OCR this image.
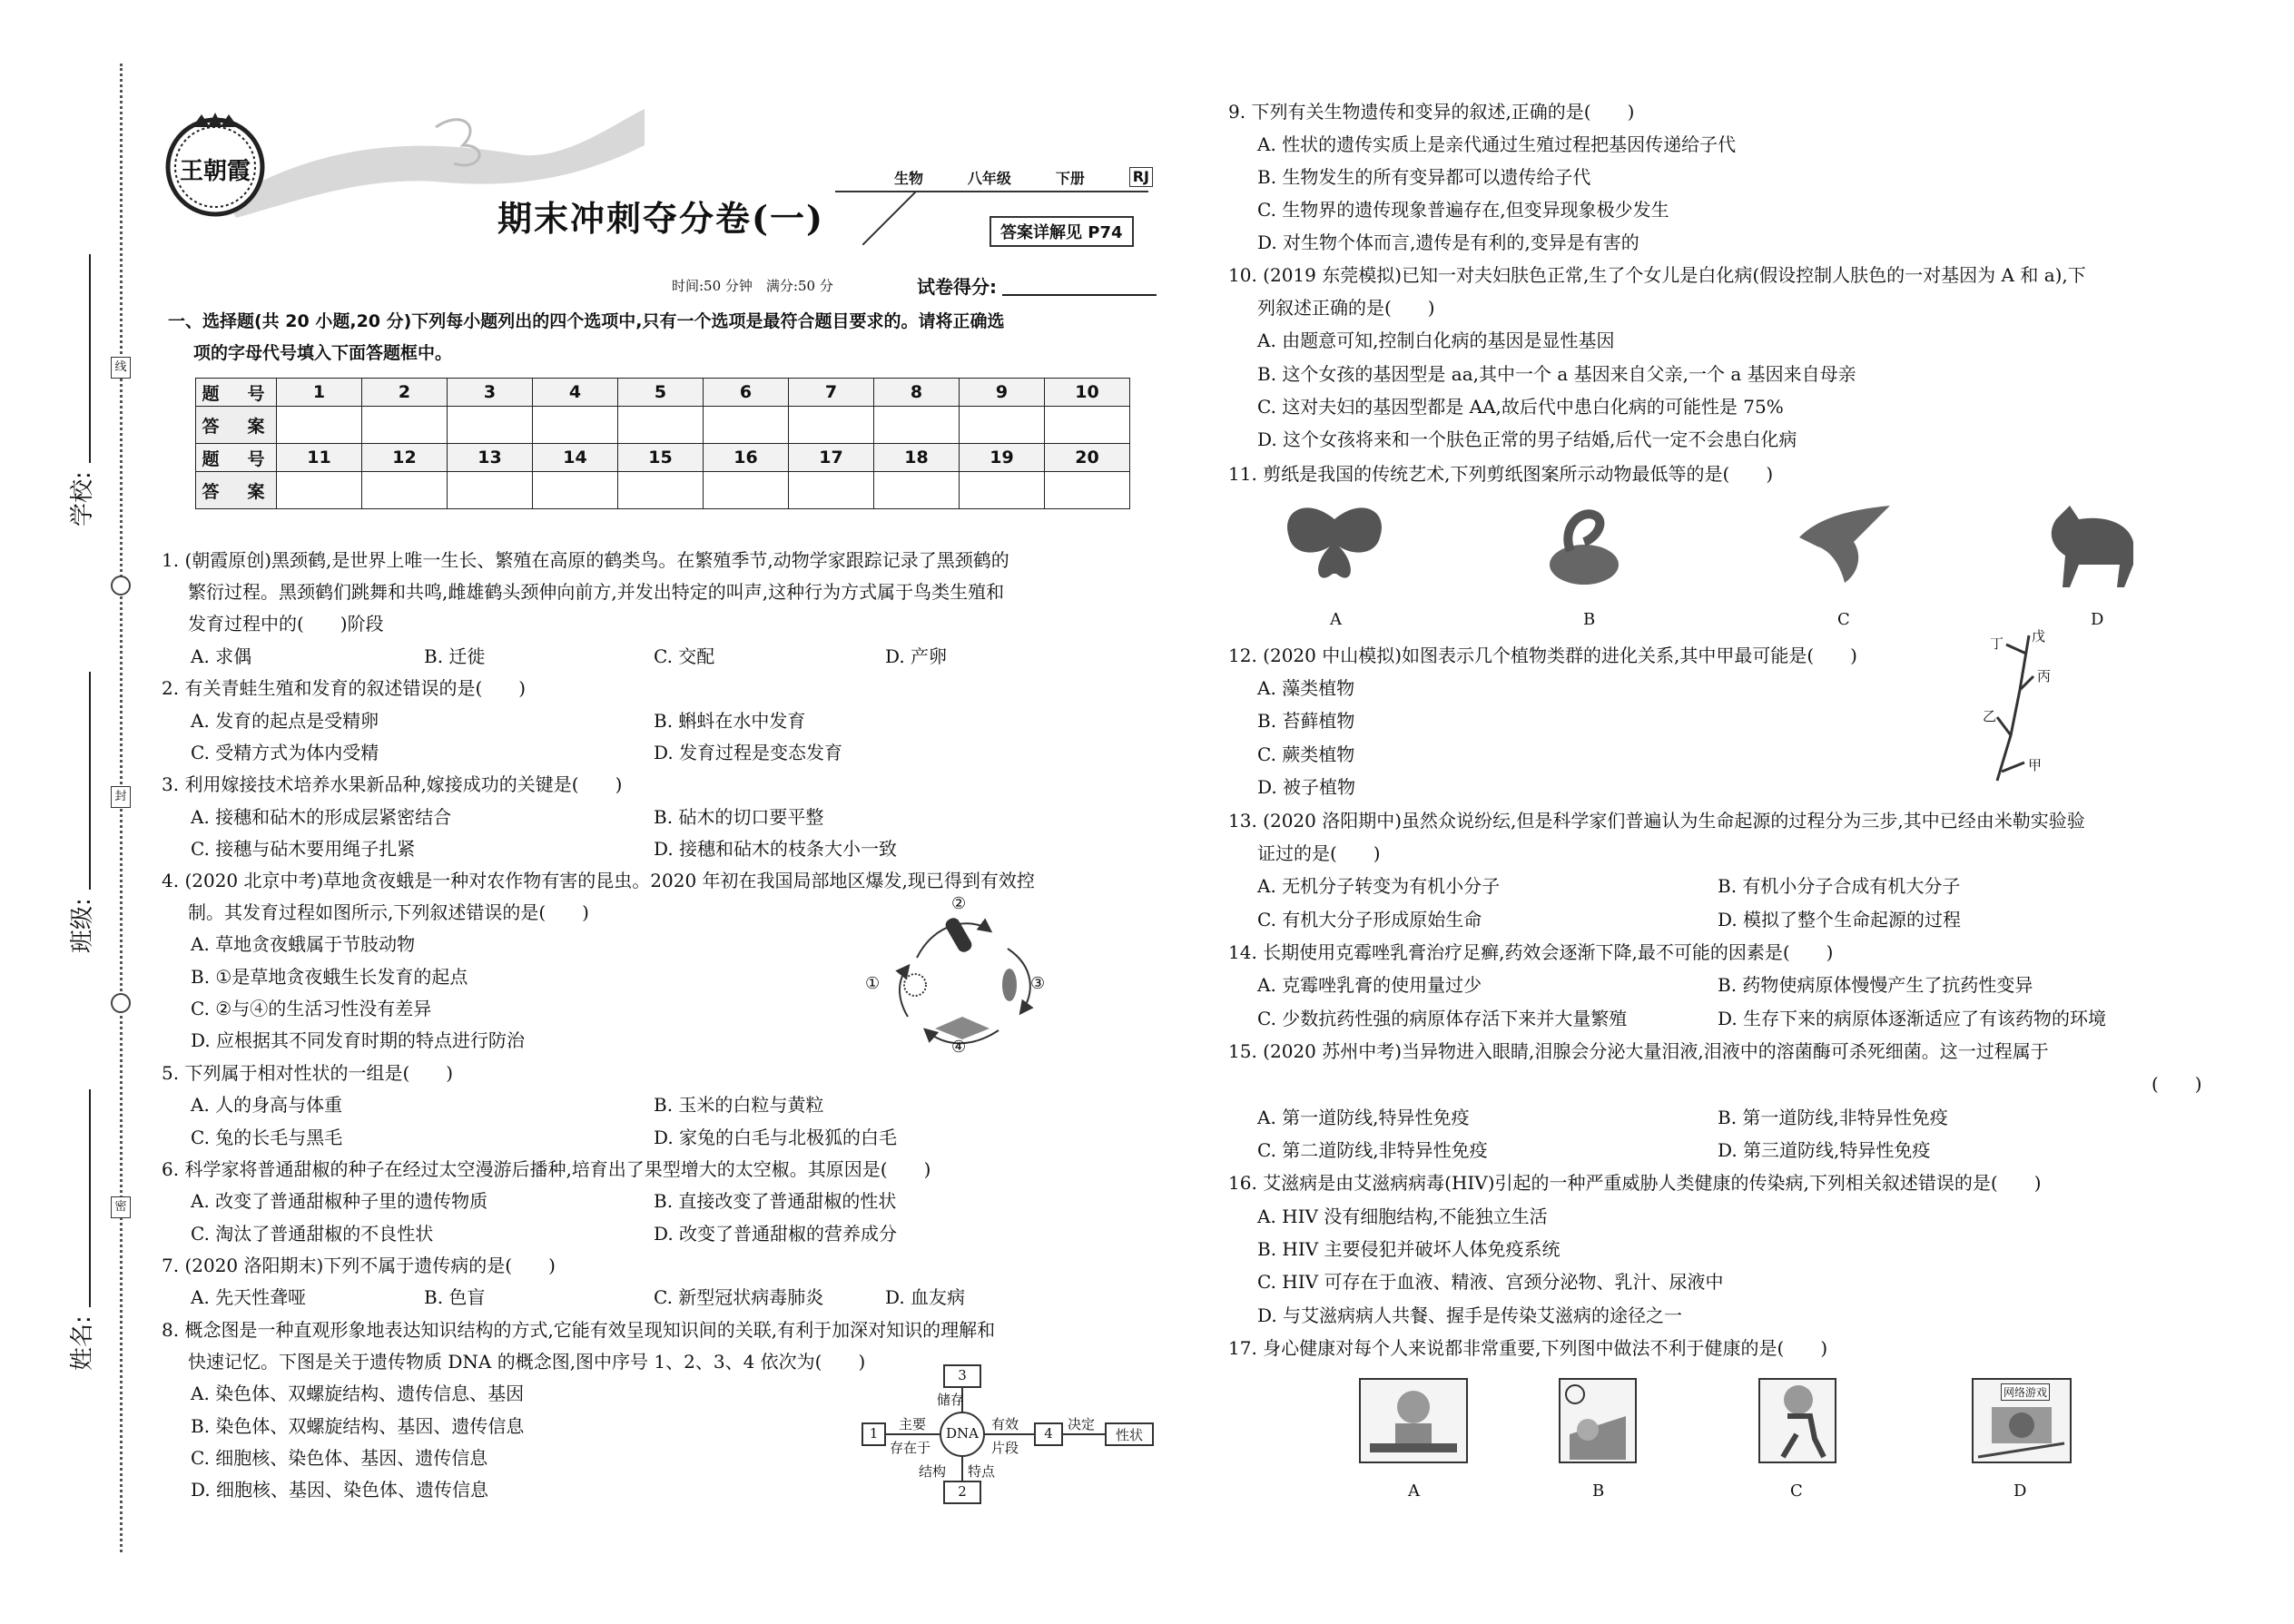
线
封
密
学校:
班级:
姓名:
王朝霞	生物	八年级	下册	RJ
期末冲刺夺分卷(一)	答案详解见 P74
时间:50 分钟　满分:50 分	试卷得分:
一、选择题(共 20 小题,20 分)下列每小题列出的四个选项中,只有一个选项是最符合题目要求的。请将正确选
项的字母代号填入下面答题框中。
题　号	1	2	3	4	5	6	7	8	9	10
答　案										
题　号	11	12	13	14	15	16	17	18	19	20
答　案										
1. (朝霞原创)黑颈鹤,是世界上唯一生长、繁殖在高原的鹤类鸟。在繁殖季节,动物学家跟踪记录了黑颈鹤的
繁衍过程。黑颈鹤们跳舞和共鸣,雌雄鹤头颈伸向前方,并发出特定的叫声,这种行为方式属于鸟类生殖和
发育过程中的(　　)阶段
A. 求偶	B. 迁徙	C. 交配	D. 产卵
2. 有关青蛙生殖和发育的叙述错误的是(　　)
A. 发育的起点是受精卵	B. 蝌蚪在水中发育
C. 受精方式为体内受精	D. 发育过程是变态发育
3. 利用嫁接技术培养水果新品种,嫁接成功的关键是(　　)
A. 接穗和砧木的形成层紧密结合	B. 砧木的切口要平整
C. 接穗与砧木要用绳子扎紧	D. 接穗和砧木的枝条大小一致
4. (2020 北京中考)草地贪夜蛾是一种对农作物有害的昆虫。2020 年初在我国局部地区爆发,现已得到有效控
制。其发育过程如图所示,下列叙述错误的是(　　)
A. 草地贪夜蛾属于节肢动物
B. ①是草地贪夜蛾生长发育的起点
C. ②与④的生活习性没有差异
D. 应根据其不同发育时期的特点进行防治
①
②
③
④
5. 下列属于相对性状的一组是(　　)
A. 人的身高与体重	B. 玉米的白粒与黄粒
C. 兔的长毛与黑毛	D. 家兔的白毛与北极狐的白毛
6. 科学家将普通甜椒的种子在经过太空漫游后播种,培育出了果型增大的太空椒。其原因是(　　)
A. 改变了普通甜椒种子里的遗传物质	B. 直接改变了普通甜椒的性状
C. 淘汰了普通甜椒的不良性状	D. 改变了普通甜椒的营养成分
7. (2020 洛阳期末)下列不属于遗传病的是(　　)
A. 先天性聋哑	B. 色盲	C. 新型冠状病毒肺炎	D. 血友病
8. 概念图是一种直观形象地表达知识结构的方式,它能有效呈现知识间的关联,有利于加深对知识的理解和
快速记忆。下图是关于遗传物质 DNA 的概念图,图中序号 1、2、3、4 依次为(　　)
A. 染色体、双螺旋结构、遗传信息、基因
B. 染色体、双螺旋结构、基因、遗传信息
C. 细胞核、染色体、基因、遗传信息
D. 细胞核、基因、染色体、遗传信息
DNA
1
3
2
4	性状
主要
存在于
储存
有效
片段
结构 特点
决定
9. 下列有关生物遗传和变异的叙述,正确的是(　　)
A. 性状的遗传实质上是亲代通过生殖过程把基因传递给子代
B. 生物发生的所有变异都可以遗传给子代
C. 生物界的遗传现象普遍存在,但变异现象极少发生
D. 对生物个体而言,遗传是有利的,变异是有害的
10. (2019 东莞模拟)已知一对夫妇肤色正常,生了个女儿是白化病(假设控制人肤色的一对基因为 A 和 a),下
列叙述正确的是(　　)
A. 由题意可知,控制白化病的基因是显性基因
B. 这个女孩的基因型是 aa,其中一个 a 基因来自父亲,一个 a 基因来自母亲
C. 这对夫妇的基因型都是 AA,故后代中患白化病的可能性是 75%
D. 这个女孩将来和一个肤色正常的男子结婚,后代一定不会患白化病
11. 剪纸是我国的传统艺术,下列剪纸图案所示动物最低等的是(　　)
A	B	C	D
12. (2020 中山模拟)如图表示几个植物类群的进化关系,其中甲最可能是(　　)
A. 藻类植物
B. 苔藓植物
C. 蕨类植物
D. 被子植物
戊
丁
丙
乙
甲
13. (2020 洛阳期中)虽然众说纷纭,但是科学家们普遍认为生命起源的过程分为三步,其中已经由米勒实验验
证过的是(　　)
A. 无机分子转变为有机小分子	B. 有机小分子合成有机大分子
C. 有机大分子形成原始生命	D. 模拟了整个生命起源的过程
14. 长期使用克霉唑乳膏治疗足癣,药效会逐渐下降,最不可能的因素是(　　)
A. 克霉唑乳膏的使用量过少	B. 药物使病原体慢慢产生了抗药性变异
C. 少数抗药性强的病原体存活下来并大量繁殖	D. 生存下来的病原体逐渐适应了有该药物的环境
15. (2020 苏州中考)当异物进入眼睛,泪腺会分泌大量泪液,泪液中的溶菌酶可杀死细菌。这一过程属于
(　　)
A. 第一道防线,特异性免疫	B. 第一道防线,非特异性免疫
C. 第二道防线,非特异性免疫	D. 第三道防线,特异性免疫
16. 艾滋病是由艾滋病病毒(HIV)引起的一种严重威胁人类健康的传染病,下列相关叙述错误的是(　　)
A. HIV 没有细胞结构,不能独立生活
B. HIV 主要侵犯并破坏人体免疫系统
C. HIV 可存在于血液、精液、宫颈分泌物、乳汁、尿液中
D. 与艾滋病病人共餐、握手是传染艾滋病的途径之一
17. 身心健康对每个人来说都非常重要,下列图中做法不利于健康的是(　　)
网络游戏
A	B	C	D
